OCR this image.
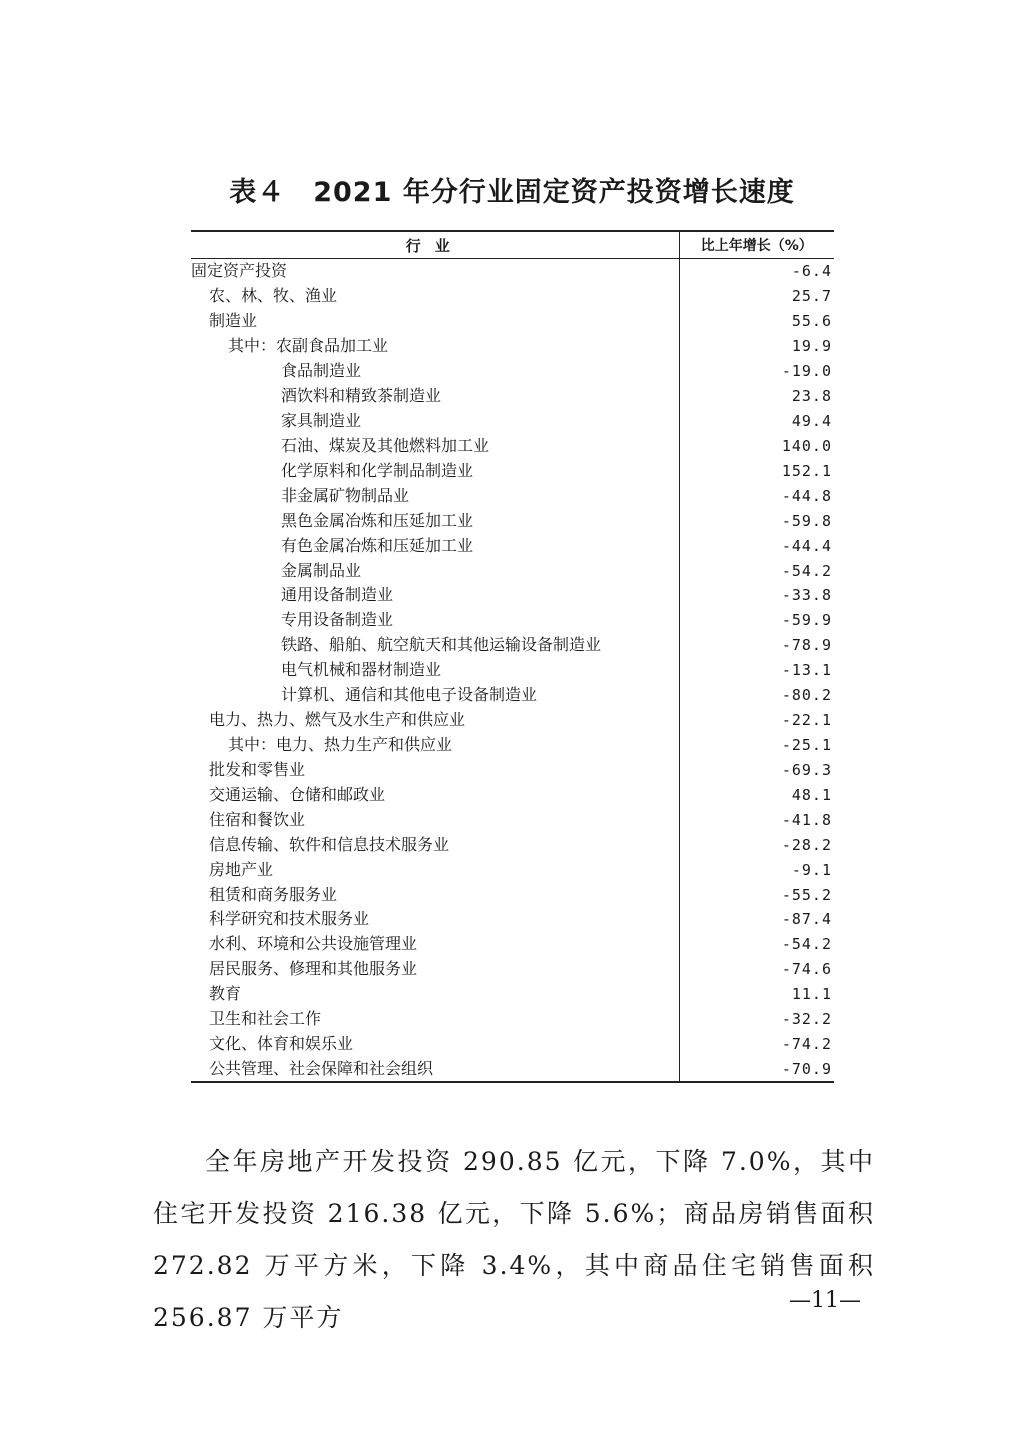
表４　2021 年分行业固定资产投资增长速度
行业	比上年增长（%）
固定资产投资	-6.4
农、林、牧、渔业	25.7
制造业	55.6
其中：农副食品加工业	19.9
食品制造业	-19.0
酒饮料和精致茶制造业	23.8
家具制造业	49.4
石油、煤炭及其他燃料加工业	140.0
化学原料和化学制品制造业	152.1
非金属矿物制品业	-44.8
黑色金属冶炼和压延加工业	-59.8
有色金属冶炼和压延加工业	-44.4
金属制品业	-54.2
通用设备制造业	-33.8
专用设备制造业	-59.9
铁路、船舶、航空航天和其他运输设备制造业	-78.9
电气机械和器材制造业	-13.1
计算机、通信和其他电子设备制造业	-80.2
电力、热力、燃气及水生产和供应业	-22.1
其中：电力、热力生产和供应业	-25.1
批发和零售业	-69.3
交通运输、仓储和邮政业	48.1
住宿和餐饮业	-41.8
信息传输、软件和信息技术服务业	-28.2
房地产业	-9.1
租赁和商务服务业	-55.2
科学研究和技术服务业	-87.4
水利、环境和公共设施管理业	-54.2
居民服务、修理和其他服务业	-74.6
教育	11.1
卫生和社会工作	-32.2
文化、体育和娱乐业	-74.2
公共管理、社会保障和社会组织	-70.9

全年房地产开发投资 290.85 亿元，下降 7.0%，其中住宅开发投资 216.38 亿元，下降 5.6%；商品房销售面积 272.82 万平方米，下降 3.4%，其中商品住宅销售面积 256.87 万平方

—11—
